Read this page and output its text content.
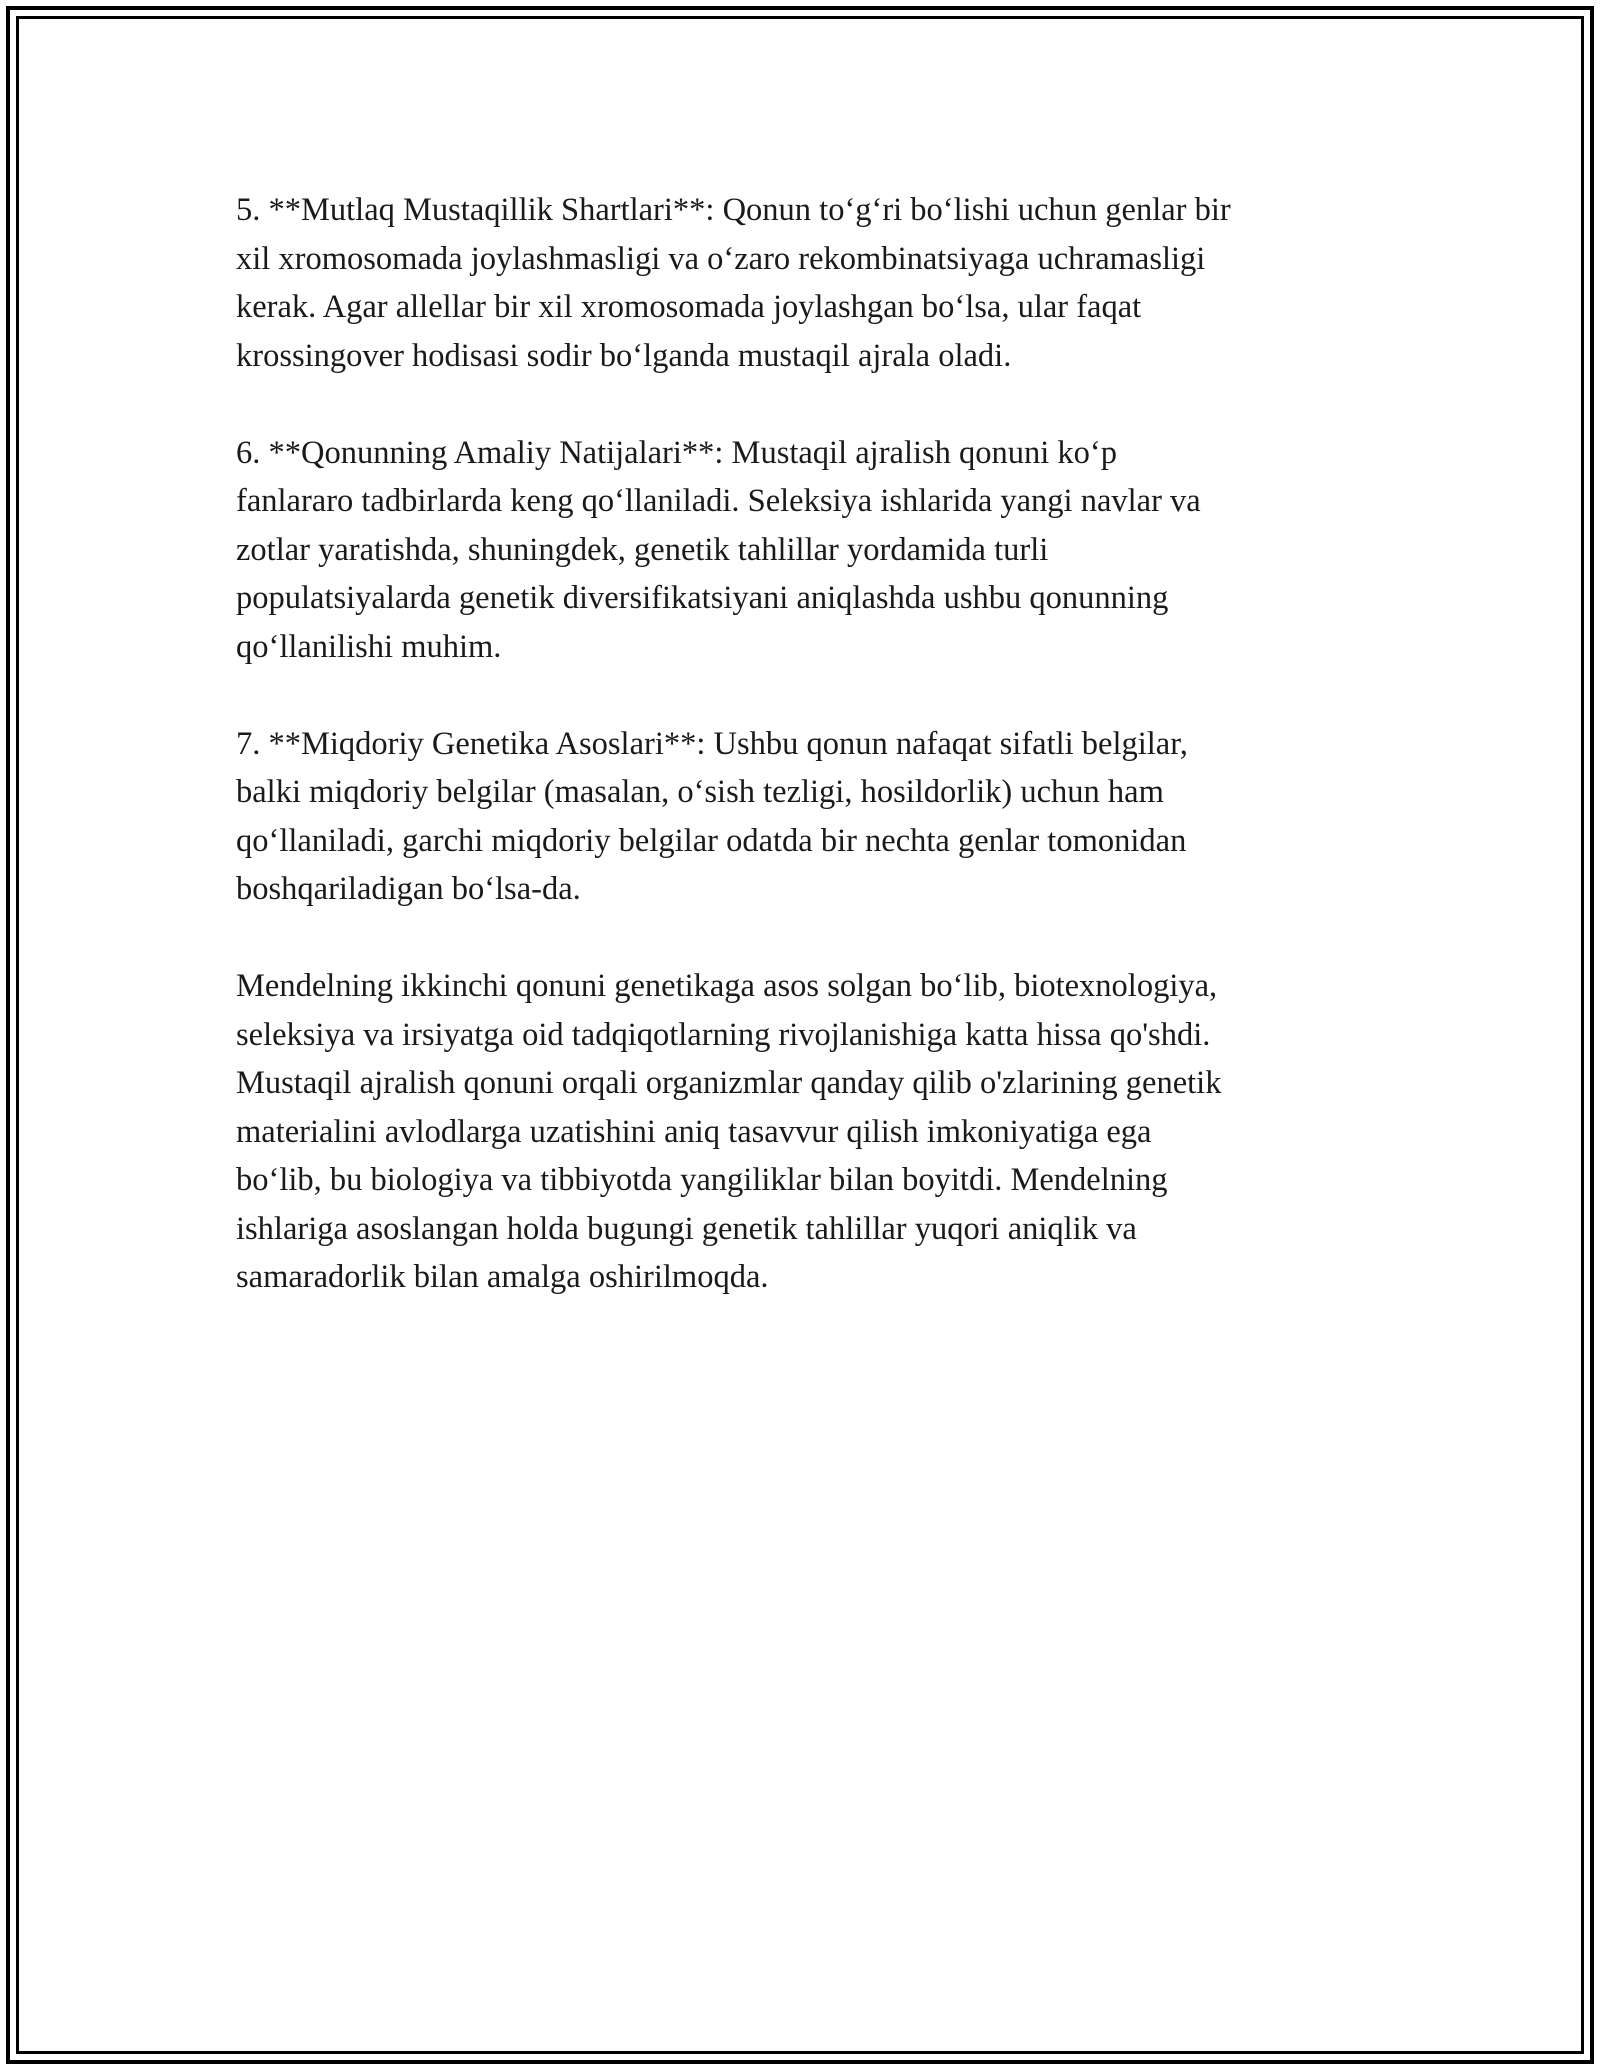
5. **Mutlaq Mustaqillik Shartlari**: Qonun to‘g‘ri bo‘lishi uchun genlar bir
xil xromosomada joylashmasligi va o‘zaro rekombinatsiyaga uchramasligi
kerak. Agar allellar bir xil xromosomada joylashgan bo‘lsa, ular faqat
krossingover hodisasi sodir bo‘lganda mustaqil ajrala oladi.

6. **Qonunning Amaliy Natijalari**: Mustaqil ajralish qonuni ko‘p
fanlararo tadbirlarda keng qo‘llaniladi. Seleksiya ishlarida yangi navlar va
zotlar yaratishda, shuningdek, genetik tahlillar yordamida turli
populatsiyalarda genetik diversifikatsiyani aniqlashda ushbu qonunning
qo‘llanilishi muhim.

7. **Miqdoriy Genetika Asoslari**: Ushbu qonun nafaqat sifatli belgilar,
balki miqdoriy belgilar (masalan, o‘sish tezligi, hosildorlik) uchun ham
qo‘llaniladi, garchi miqdoriy belgilar odatda bir nechta genlar tomonidan
boshqariladigan bo‘lsa-da.

Mendelning ikkinchi qonuni genetikaga asos solgan bo‘lib, biotexnologiya,
seleksiya va irsiyatga oid tadqiqotlarning rivojlanishiga katta hissa qo'shdi.
Mustaqil ajralish qonuni orqali organizmlar qanday qilib o'zlarining genetik
materialini avlodlarga uzatishini aniq tasavvur qilish imkoniyatiga ega
bo‘lib, bu biologiya va tibbiyotda yangiliklar bilan boyitdi. Mendelning
ishlariga asoslangan holda bugungi genetik tahlillar yuqori aniqlik va
samaradorlik bilan amalga oshirilmoqda.
